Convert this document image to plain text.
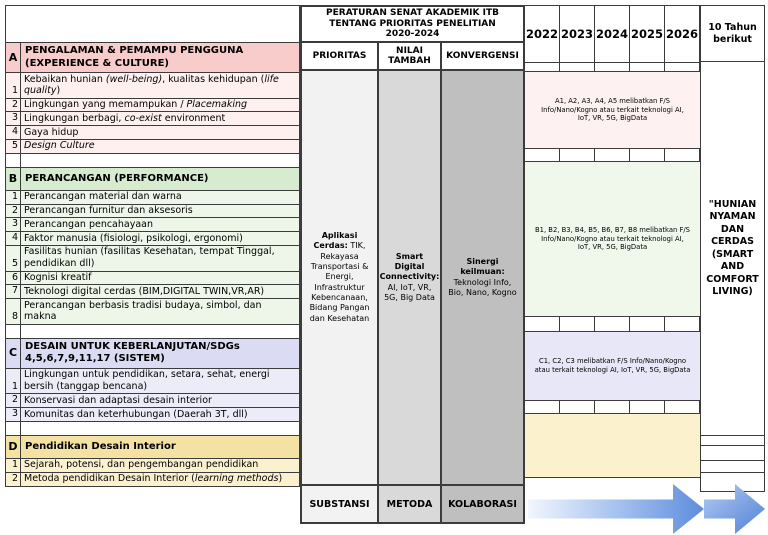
A
PENGALAMAN & PEMAMPU PENGGUNA (EXPERIENCE & CULTURE)
1
Kebaikan hunian (well-being), kualitas kehidupan (life quality)
2 Lingkungan yang memampukan / Placemaking
3 Lingkungan berbagi, co-exist environment
4 Gaya hidup
5 Design Culture
B PERANCANGAN (PERFORMANCE)
1 Perancangan material dan warna
2 Perancangan furnitur dan aksesoris
3 Perancangan pencahayaan
4 Faktor manusia (fisiologi, psikologi, ergonomi)
5
Fasilitas hunian (fasilitas Kesehatan, tempat Tinggal, pendidikan dll)
6 Kognisi kreatif
7 Teknologi digital cerdas (BIM,DIGITAL TWIN,VR,AR)
8
Perancangan berbasis tradisi budaya, simbol, dan makna
C
DESAIN UNTUK KEBERLANJUTAN/SDGs 4,5,6,7,9,11,17 (SISTEM)
1
Lingkungan untuk pendidikan, setara, sehat, energi bersih (tanggap bencana)
2 Konservasi dan adaptasi desain interior
3 Komunitas dan keterhubungan (Daerah 3T, dll)
D Pendidikan Desain Interior
1 Sejarah, potensi, dan pengembangan pendidikan
2 Metoda pendidikan Desain Interior (learning methods)
PERATURAN SENAT AKADEMIK ITB
TENTANG PRIORITAS PENELITIAN
2020-2024
PRIORITAS	NILAI TAMBAH	KONVERGENSI
Aplikasi Cerdas: TIK, Rekayasa Transportasi & Energi, Infrastruktur Kebencanaan, Bidang Pangan dan Kesehatan
Smart Digital Connectivity: AI, IoT, VR, 5G, Big Data
Sinergi keilmuan: Teknologi Info, Bio, Nano, Kogno
SUBSTANSI	METODA	KOLABORASI
2022 2023 2024 2025 2026
A1, A2, A3, A4, A5 melibatkan F/S Info/Nano/Kogno atau terkait teknologi AI, IoT, VR, 5G, BigData
B1, B2, B3, B4, B5, B6, B7, B8 melibatkan F/S Info/Nano/Kogno atau terkait teknologi AI, IoT, VR, 5G, BigData
C1, C2, C3 melibatkan F/S Info/Nano/Kogno atau terkait teknologi AI, IoT, VR, 5G, BigData
10 Tahun berikut
"HUNIAN NYAMAN DAN CERDAS (SMART AND COMFORT LIVING)
